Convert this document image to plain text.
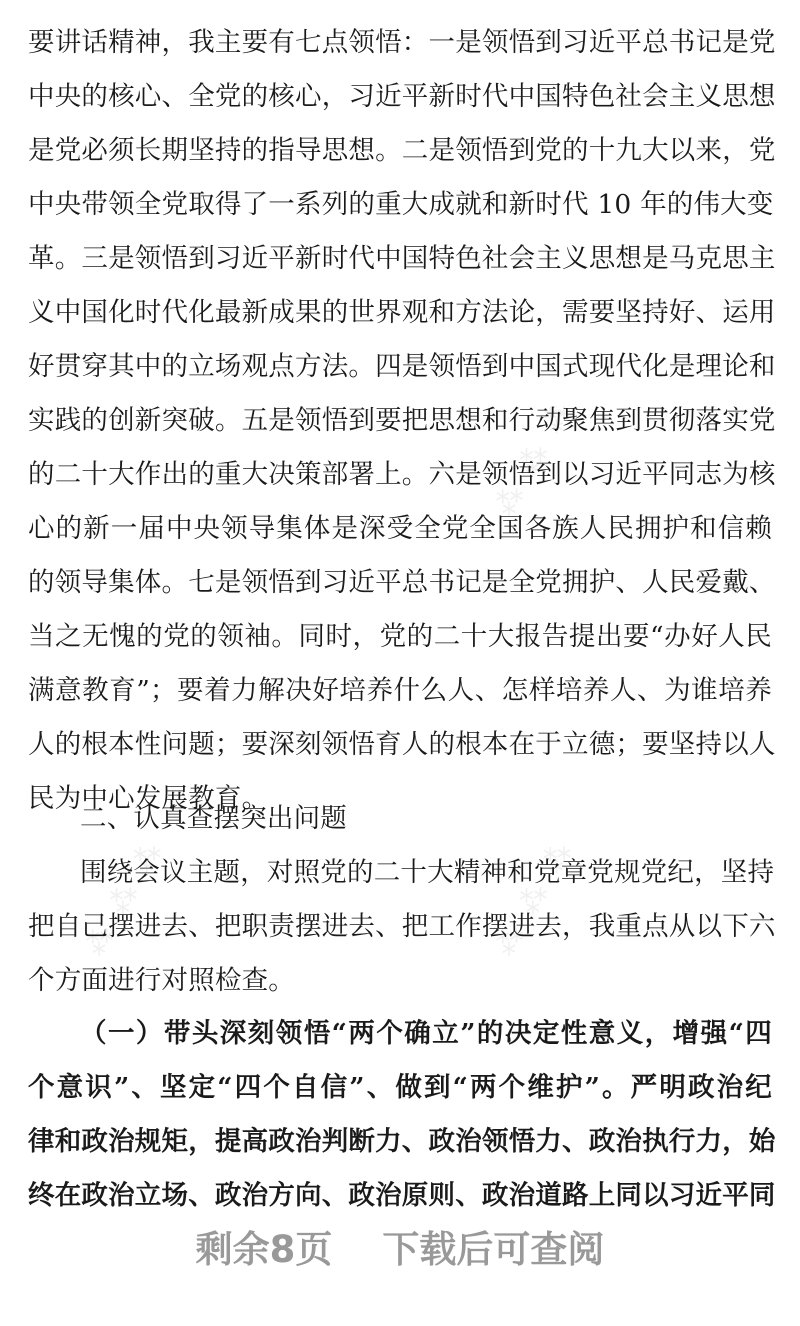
⁂ ⁂ ⁂
⁂ ⁂ ⁂	⁂ ⁂ ⁂
要讲话精神，我主要有七点领悟：一是领悟到习近平总书记是党
中央的核心、全党的核心，习近平新时代中国特色社会主义思想
是党必须长期坚持的指导思想。二是领悟到党的十九大以来，党
中央带领全党取得了一系列的重大成就和新时代 10 年的伟大变
革。三是领悟到习近平新时代中国特色社会主义思想是马克思主
义中国化时代化最新成果的世界观和方法论，需要坚持好、运用
好贯穿其中的立场观点方法。四是领悟到中国式现代化是理论和
实践的创新突破。五是领悟到要把思想和行动聚焦到贯彻落实党
的二十大作出的重大决策部署上。六是领悟到以习近平同志为核
心的新一届中央领导集体是深受全党全国各族人民拥护和信赖
的领导集体。七是领悟到习近平总书记是全党拥护、人民爱戴、
当之无愧的党的领袖。同时，党的二十大报告提出要“办好人民
满意教育”；要着力解决好培养什么人、怎样培养人、为谁培养
人的根本性问题；要深刻领悟育人的根本在于立德；要坚持以人
民为中心发展教育。
二、认真查摆突出问题
围绕会议主题，对照党的二十大精神和党章党规党纪，坚持
把自己摆进去、把职责摆进去、把工作摆进去，我重点从以下六
个方面进行对照检查。
（一）带头深刻领悟“两个确立”的决定性意义，增强“四
个意识”、坚定“四个自信”、做到“两个维护”。严明政治纪
律和政治规矩，提高政治判断力、政治领悟力、政治执行力，始
终在政治立场、政治方向、政治原则、政治道路上同以习近平同
剩余8页 下载后可查阅
